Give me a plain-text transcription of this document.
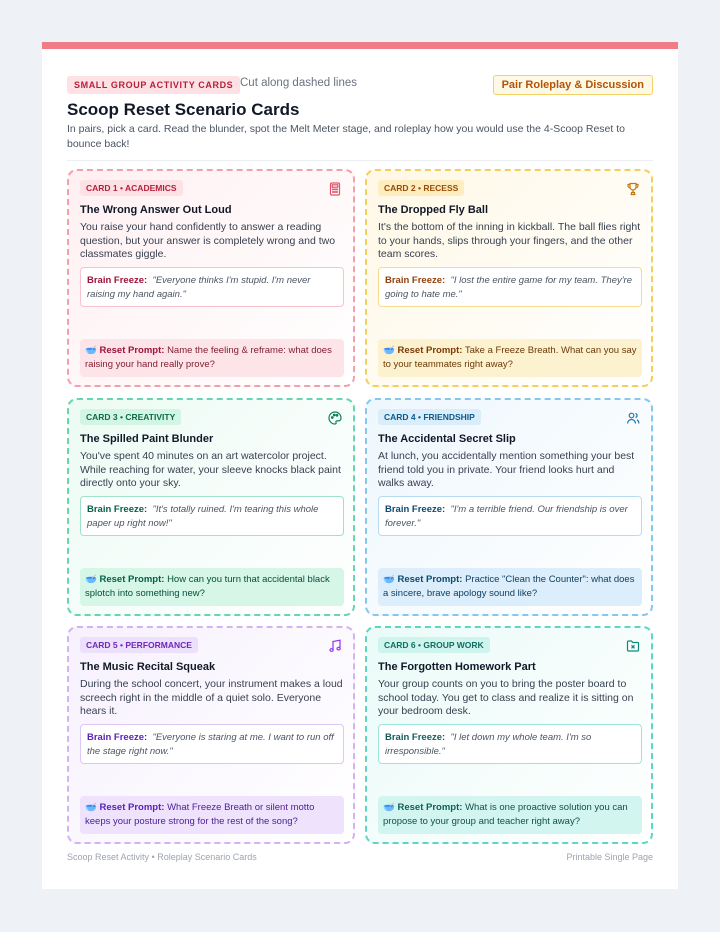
SMALL GROUP ACTIVITY CARDS Cut along dashed lines	Pair Roleplay & Discussion
Scoop Reset Scenario Cards
In pairs, pick a card. Read the blunder, spot the Melt Meter stage, and roleplay how you would use the 4-Scoop Reset to bounce back!
CARD 1 • ACADEMICS
The Wrong Answer Out Loud
You raise your hand confidently to answer a reading question, but your answer is completely wrong and two classmates giggle.
Brain Freeze: "Everyone thinks I'm stupid. I'm never raising my hand again."
🥣 Reset Prompt: Name the feeling & reframe: what does raising your hand really prove?
CARD 2 • RECESS
The Dropped Fly Ball
It's the bottom of the inning in kickball. The ball flies right to your hands, slips through your fingers, and the other team scores.
Brain Freeze: "I lost the entire game for my team. They're going to hate me."
🥣 Reset Prompt: Take a Freeze Breath. What can you say to your teammates right away?
CARD 3 • CREATIVITY
The Spilled Paint Blunder
You've spent 40 minutes on an art watercolor project. While reaching for water, your sleeve knocks black paint directly onto your sky.
Brain Freeze: "It's totally ruined. I'm tearing this whole paper up right now!"
🥣 Reset Prompt: How can you turn that accidental black splotch into something new?
CARD 4 • FRIENDSHIP
The Accidental Secret Slip
At lunch, you accidentally mention something your best friend told you in private. Your friend looks hurt and walks away.
Brain Freeze: "I'm a terrible friend. Our friendship is over forever."
🥣 Reset Prompt: Practice "Clean the Counter": what does a sincere, brave apology sound like?
CARD 5 • PERFORMANCE
The Music Recital Squeak
During the school concert, your instrument makes a loud screech right in the middle of a quiet solo. Everyone hears it.
Brain Freeze: "Everyone is staring at me. I want to run off the stage right now."
🥣 Reset Prompt: What Freeze Breath or silent motto keeps your posture strong for the rest of the song?
CARD 6 • GROUP WORK
The Forgotten Homework Part
Your group counts on you to bring the poster board to school today. You get to class and realize it is sitting on your bedroom desk.
Brain Freeze: "I let down my whole team. I'm so irresponsible."
🥣 Reset Prompt: What is one proactive solution you can propose to your group and teacher right away?
Scoop Reset Activity • Roleplay Scenario Cards	Printable Single Page
